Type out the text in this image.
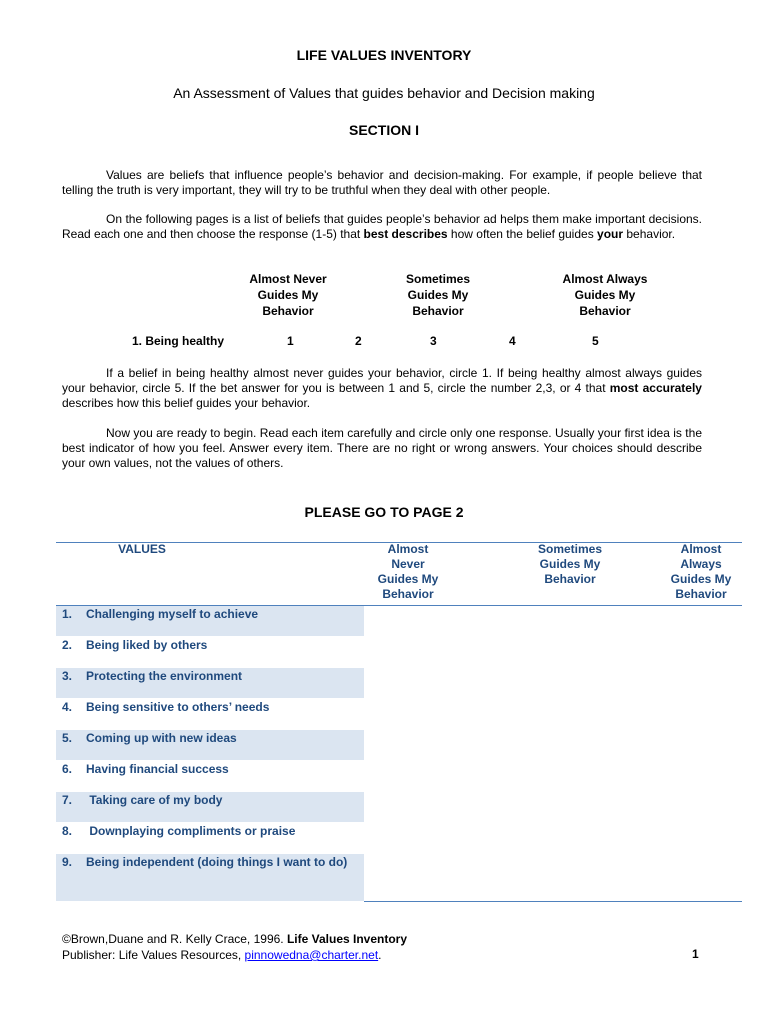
LIFE VALUES INVENTORY
An Assessment of Values that guides behavior and Decision making
SECTION I
Values are beliefs that influence people’s behavior and decision-making. For example, if people believe that telling the truth is very important, they will try to be truthful when they deal with other people.
On the following pages is a list of beliefs that guides people’s behavior ad helps them make important decisions. Read each one and then choose the response (1-5) that best describes how often the belief guides your behavior.
Almost Never
Guides My
Behavior
Sometimes
Guides My
Behavior
Almost Always
Guides My
Behavior
1. Being healthy	1	2	3	4	5
If a belief in being healthy almost never guides your behavior, circle 1. If being healthy almost always guides your behavior, circle 5. If the bet answer for you is between 1 and 5, circle the number 2,3, or 4 that most accurately describes how this belief guides your behavior.
Now you are ready to begin. Read each item carefully and circle only one response. Usually your first idea is the best indicator of how you feel. Answer every item. There are no right or wrong answers. Your choices should describe your own values, not the values of others.
PLEASE GO TO PAGE 2
VALUES	Almost
Never
Guides My
Behavior
Sometimes
Guides My
Behavior
Almost
Always
Guides My
Behavior
1. Challenging myself to achieve
2. Being liked by others
3. Protecting the environment
4. Being sensitive to others’ needs
5. Coming up with new ideas
6. Having financial success
7. Taking care of my body
8. Downplaying compliments or praise
9. Being independent (doing things I want to do)
©Brown,Duane and R. Kelly Crace, 1996. Life Values Inventory
Publisher: Life Values Resources, pinnowedna@charter.net.	1
